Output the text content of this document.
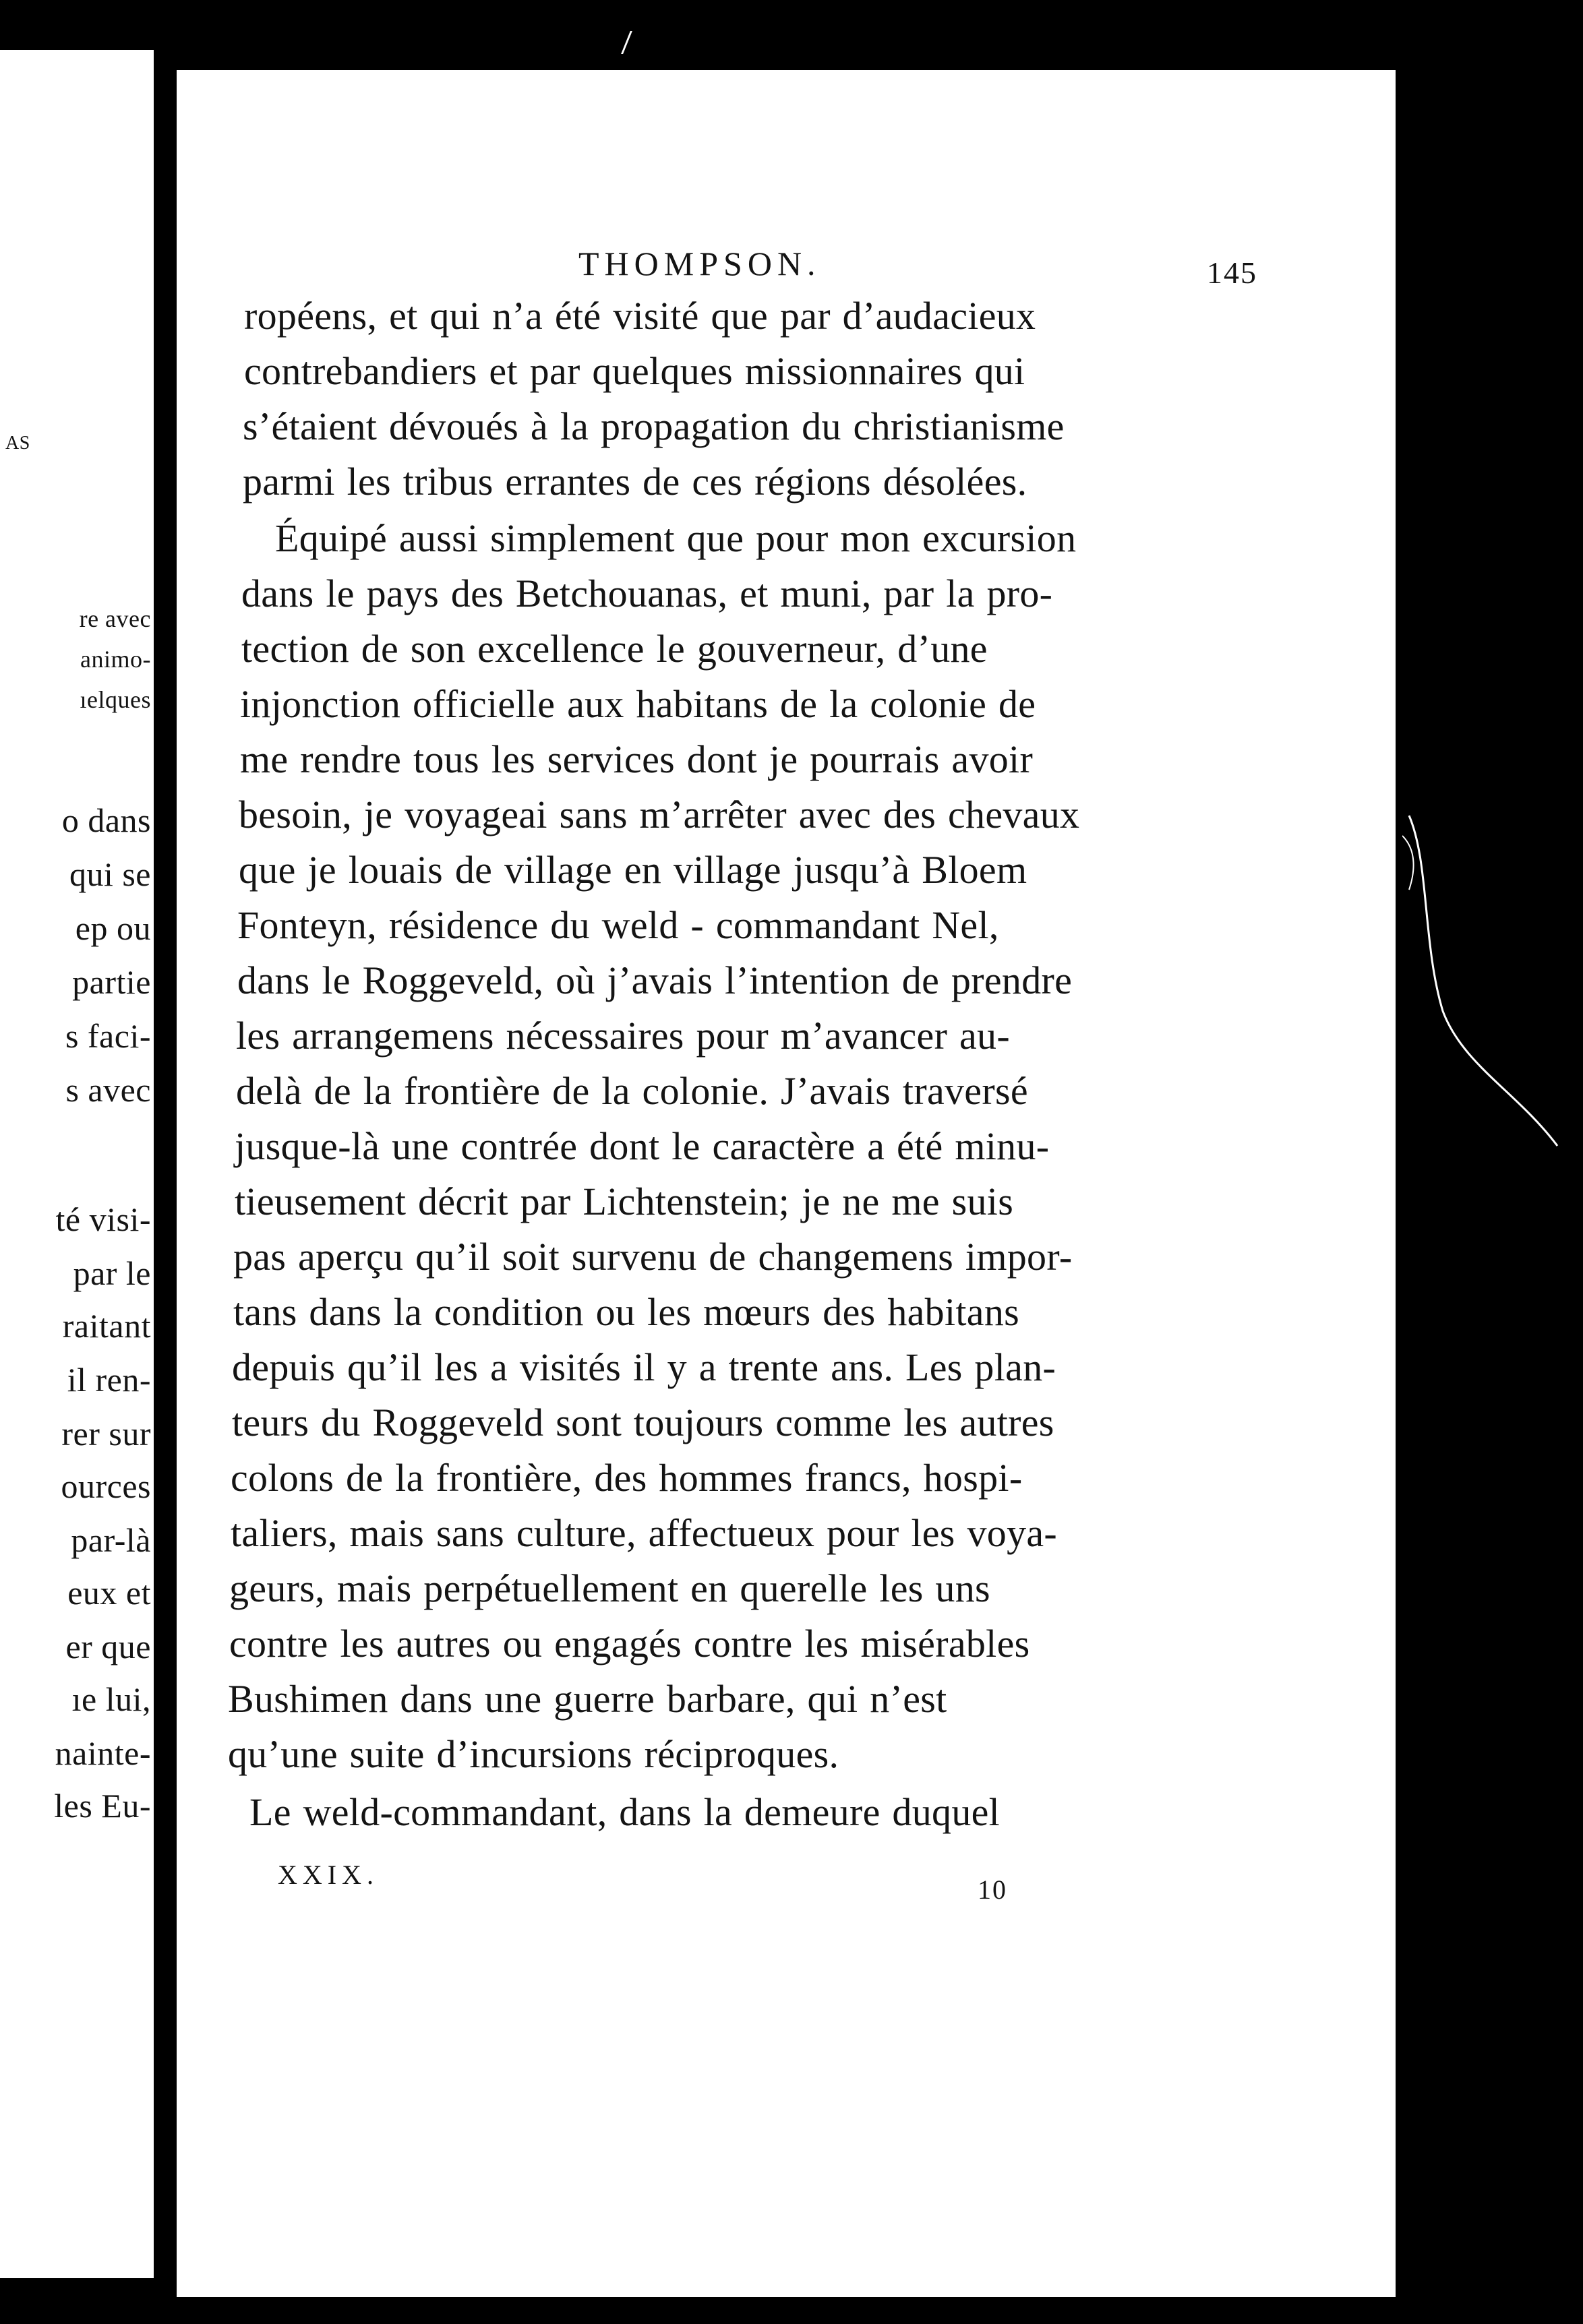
AS
re avec
animo-
ıelques
o dans
qui se
ep ou
partie
s faci-
s avec
té visi-
par le
raitant
il ren-
rer sur
ources
par-là
eux et
er que
ıe lui,
nainte-
les Eu-
THOMPSON.	145
ropéens, et qui n’a été visité que par d’audacieux
contrebandiers et par quelques missionnaires qui
s’étaient dévoués à la propagation du christianisme
parmi les tribus errantes de ces régions désolées.
Équipé aussi simplement que pour mon excursion
dans le pays des Betchouanas, et muni, par la pro-
tection de son excellence le gouverneur, d’une
injonction officielle aux habitans de la colonie de
me rendre tous les services dont je pourrais avoir
besoin, je voyageai sans m’arrêter avec des chevaux
que je louais de village en village jusqu’à Bloem
Fonteyn, résidence du weld - commandant Nel,
dans le Roggeveld, où j’avais l’intention de prendre
les arrangemens nécessaires pour m’avancer au-
delà de la frontière de la colonie. J’avais traversé
jusque-là une contrée dont le caractère a été minu-
tieusement décrit par Lichtenstein; je ne me suis
pas aperçu qu’il soit survenu de changemens impor-
tans dans la condition ou les mœurs des habitans
depuis qu’il les a visités il y a trente ans. Les plan-
teurs du Roggeveld sont toujours comme les autres
colons de la frontière, des hommes francs, hospi-
taliers, mais sans culture, affectueux pour les voya-
geurs, mais perpétuellement en querelle les uns
contre les autres ou engagés contre les misérables
Bushimen dans une guerre barbare, qui n’est
qu’une suite d’incursions réciproques.
Le weld-commandant, dans la demeure duquel
XXIX.	10
